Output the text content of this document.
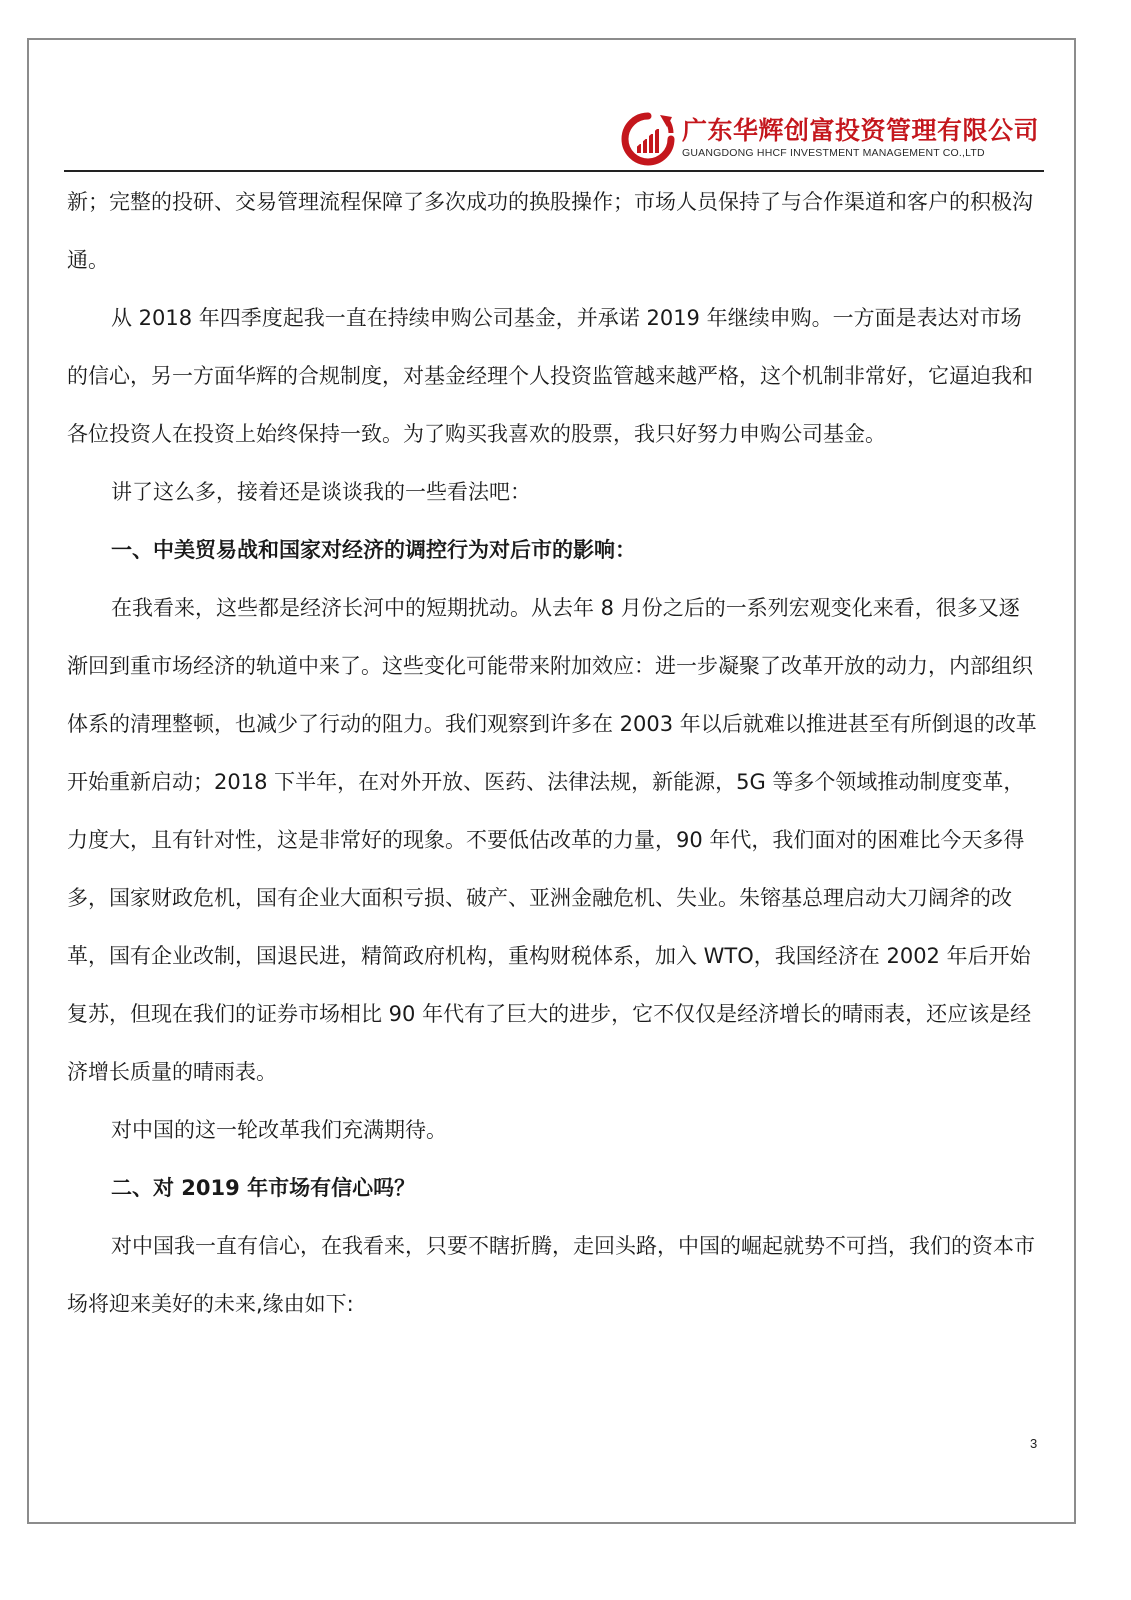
广东华辉创富投资管理有限公司
GUANGDONG HHCF INVESTMENT MANAGEMENT CO.,LTD

新；完整的投研、交易管理流程保障了多次成功的换股操作；市场人员保持了与合作渠道和客户的积极沟通。

从 2018 年四季度起我一直在持续申购公司基金，并承诺 2019 年继续申购。一方面是表达对市场的信心，另一方面华辉的合规制度，对基金经理个人投资监管越来越严格，这个机制非常好，它逼迫我和各位投资人在投资上始终保持一致。为了购买我喜欢的股票，我只好努力申购公司基金。

讲了这么多，接着还是谈谈我的一些看法吧：

一、中美贸易战和国家对经济的调控行为对后市的影响：

在我看来，这些都是经济长河中的短期扰动。从去年 8 月份之后的一系列宏观变化来看，很多又逐渐回到重市场经济的轨道中来了。这些变化可能带来附加效应：进一步凝聚了改革开放的动力，内部组织体系的清理整顿，也减少了行动的阻力。我们观察到许多在 2003 年以后就难以推进甚至有所倒退的改革开始重新启动；2018 下半年，在对外开放、医药、法律法规，新能源，5G 等多个领域推动制度变革，力度大，且有针对性，这是非常好的现象。不要低估改革的力量，90 年代，我们面对的困难比今天多得多，国家财政危机，国有企业大面积亏损、破产、亚洲金融危机、失业。朱镕基总理启动大刀阔斧的改革，国有企业改制，国退民进，精简政府机构，重构财税体系，加入 WTO，我国经济在 2002 年后开始复苏，但现在我们的证券市场相比 90 年代有了巨大的进步，它不仅仅是经济增长的晴雨表，还应该是经济增长质量的晴雨表。

对中国的这一轮改革我们充满期待。

二、对 2019 年市场有信心吗？

对中国我一直有信心，在我看来，只要不瞎折腾，走回头路，中国的崛起就势不可挡，我们的资本市场将迎来美好的未来,缘由如下:

3
